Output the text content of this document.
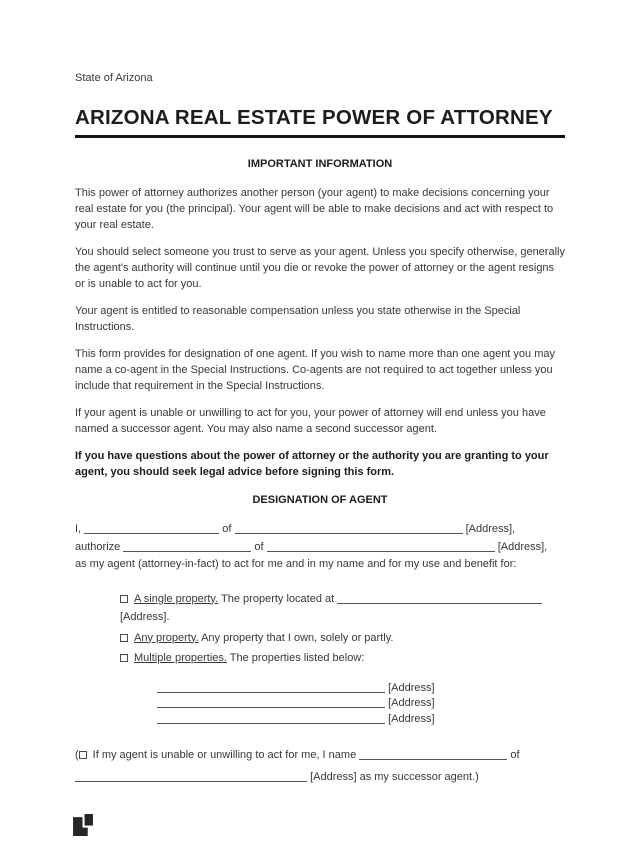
State of Arizona

ARIZONA REAL ESTATE POWER OF ATTORNEY
IMPORTANT INFORMATION

This power of attorney authorizes another person (your agent) to make decisions concerning your real estate for you (the principal). Your agent will be able to make decisions and act with respect to your real estate.

You should select someone you trust to serve as your agent. Unless you specify otherwise, generally the agent's authority will continue until you die or revoke the power of attorney or the agent resigns or is unable to act for you.

Your agent is entitled to reasonable compensation unless you state otherwise in the Special Instructions.

This form provides for designation of one agent. If you wish to name more than one agent you may name a co-agent in the Special Instructions. Co-agents are not required to act together unless you include that requirement in the Special Instructions.

If your agent is unable or unwilling to act for you, your power of attorney will end unless you have named a successor agent. You may also name a second successor agent.

If you have questions about the power of attorney or the authority you are granting to your agent, you should seek legal advice before signing this form.

DESIGNATION OF AGENT

I,	of	[Address],

authorize	of	[Address],

as my agent (attorney-in-fact) to act for me and in my name and for my use and benefit for:

A single property. The property located at  [Address].
Any property. Any property that I own, solely or partly.
Multiple properties. The properties listed below:
[Address]
[Address]
[Address]

( If my agent is unable or unwilling to act for me, I name	of
[Address] as my successor agent.)
